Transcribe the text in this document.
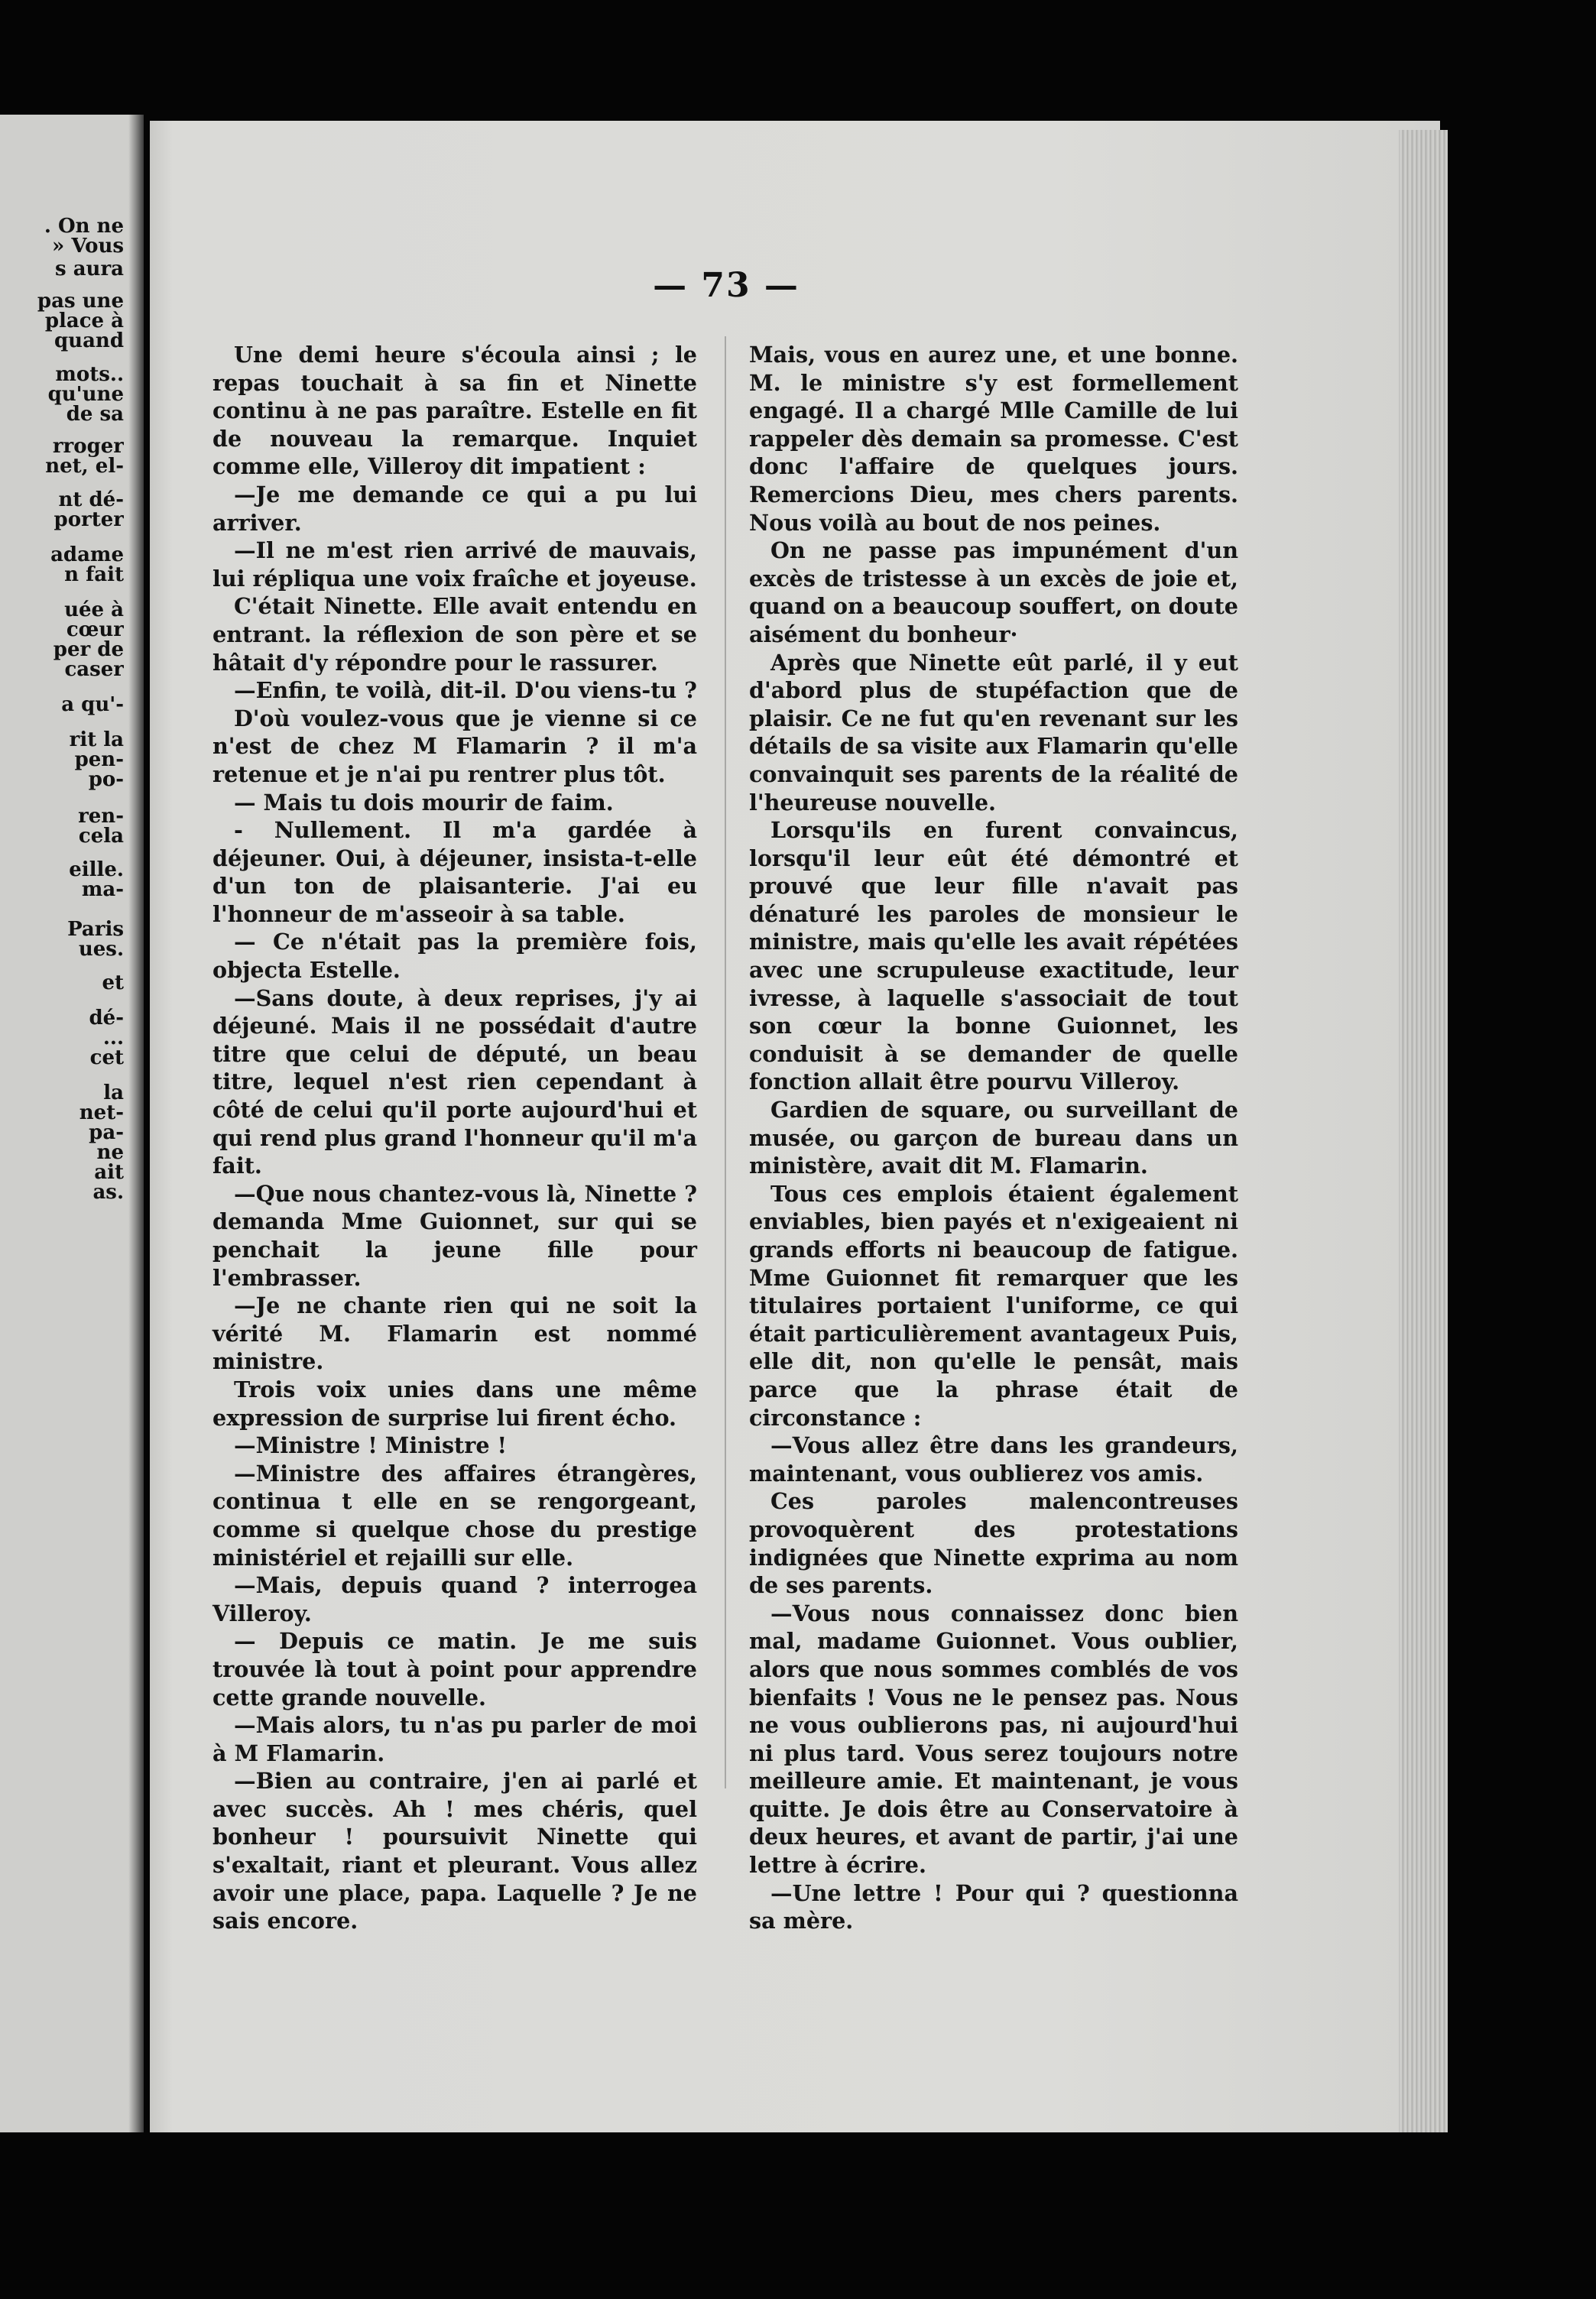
. On ne
» Vous
s aura
pas une
place à
quand
mots..
qu'une
de sa
rroger
net, el-
nt dé-
porter
adame
n fait
uée à
cœur
per de
caser
a qu'-
rit la
pen-
po-
ren-
cela
eille.
ma-
Paris
ues.
et
dé-
...
cet
la
net-
pa-
ne
ait
as.
— 73 —

Une demi heure s'écoula ainsi ; le repas touchait à sa fin et Ninette continu à ne pas paraître. Estelle en fit de nouveau la remarque. Inquiet comme elle, Villeroy dit impatient :

—Je me demande ce qui a pu lui arriver.

—Il ne m'est rien arrivé de mauvais, lui répliqua une voix fraîche et joyeuse.

C'était Ninette. Elle avait entendu en entrant. la réflexion de son père et se hâtait d'y répondre pour le rassurer.

—Enfin, te voilà, dit-il. D'ou viens-tu ?

D'où voulez-vous que je vienne si ce n'est de chez M Flamarin ? il m'a retenue et je n'ai pu rentrer plus tôt.

— Mais tu dois mourir de faim.

- Nullement. Il m'a gardée à déjeuner. Oui, à déjeuner, insista-t-elle d'un ton de plaisanterie. J'ai eu l'honneur de m'asseoir à sa table.

— Ce n'était pas la première fois, objecta Estelle.

—Sans doute, à deux reprises, j'y ai déjeuné. Mais il ne possédait d'autre titre que celui de député, un beau titre, lequel n'est rien cependant à côté de celui qu'il porte aujourd'hui et qui rend plus grand l'honneur qu'il m'a fait.

—Que nous chantez-vous là, Ninette ? demanda Mme Guionnet, sur qui se penchait la jeune fille pour l'embrasser.

—Je ne chante rien qui ne soit la vérité M. Flamarin est nommé ministre.

Trois voix unies dans une même expression de surprise lui firent écho.

—Ministre ! Ministre !

—Ministre des affaires étrangères, continua t elle en se rengorgeant, comme si quelque chose du prestige ministériel et rejailli sur elle.

—Mais, depuis quand ? interrogea Villeroy.

— Depuis ce matin. Je me suis trouvée là tout à point pour apprendre cette grande nouvelle.

—Mais alors, tu n'as pu parler de moi à M Flamarin.

—Bien au contraire, j'en ai parlé et avec succès. Ah ! mes chéris, quel bonheur ! poursuivit Ninette qui s'exaltait, riant et pleurant. Vous allez avoir une place, papa. Laquelle ? Je ne sais encore.

Mais, vous en aurez une, et une bonne. M. le ministre s'y est formellement engagé. Il a chargé Mlle Camille de lui rappeler dès demain sa promesse. C'est donc l'affaire de quelques jours. Remercions Dieu, mes chers parents. Nous voilà au bout de nos peines.

On ne passe pas impunément d'un excès de tristesse à un excès de joie et, quand on a beaucoup souffert, on doute aisément du bonheur·

Après que Ninette eût parlé, il y eut d'abord plus de stupéfaction que de plaisir. Ce ne fut qu'en revenant sur les détails de sa visite aux Flamarin qu'elle convainquit ses parents de la réalité de l'heureuse nouvelle.

Lorsqu'ils en furent convaincus, lorsqu'il leur eût été démontré et prouvé que leur fille n'avait pas dénaturé les paroles de monsieur le ministre, mais qu'elle les avait répétées avec une scrupuleuse exactitude, leur ivresse, à laquelle s'associait de tout son cœur la bonne Guionnet, les conduisit à se demander de quelle fonction allait être pourvu Villeroy.

Gardien de square, ou surveillant de musée, ou garçon de bureau dans un ministère, avait dit M. Flamarin.

Tous ces emplois étaient également enviables, bien payés et n'exigeaient ni grands efforts ni beaucoup de fatigue. Mme Guionnet fit remarquer que les titulaires portaient l'uniforme, ce qui était particulièrement avantageux Puis, elle dit, non qu'elle le pensât, mais parce que la phrase était de circonstance :

—Vous allez être dans les grandeurs, maintenant, vous oublierez vos amis.

Ces paroles malencontreuses provoquèrent des protestations indignées que Ninette exprima au nom de ses parents.

—Vous nous connaissez donc bien mal, madame Guionnet. Vous oublier, alors que nous sommes comblés de vos bienfaits ! Vous ne le pensez pas. Nous ne vous oublierons pas, ni aujourd'hui ni plus tard. Vous serez toujours notre meilleure amie. Et maintenant, je vous quitte. Je dois être au Conservatoire à deux heures, et avant de partir, j'ai une lettre à écrire.

—Une lettre ! Pour qui ? questionna sa mère.
